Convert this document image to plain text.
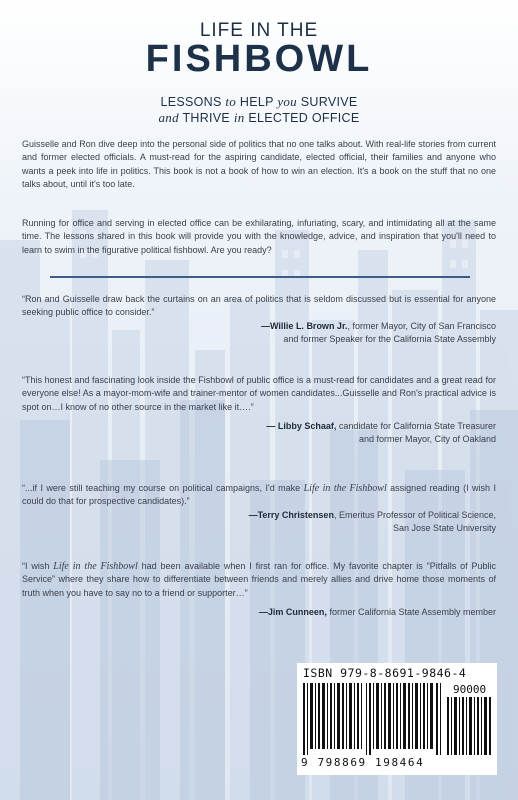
LIFE IN THE
FISHBOWL
LESSONS to HELP you SURVIVE
and THRIVE in ELECTED OFFICE
Guisselle and Ron dive deep into the personal side of politics that no one talks about. With real-life stories from current and former elected officials. A must-read for the aspiring candidate, elected official, their families and anyone who wants a peek into life in politics. This book is not a book of how to win an election. It's a book on the stuff that no one talks about, until it's too late.
Running for office and serving in elected office can be exhilarating, infuriating, scary, and intimidating all at the same time. The lessons shared in this book will provide you with the knowledge, advice, and inspiration that you'll need to learn to swim in the figurative political fishbowl. Are you ready?
“Ron and Guisselle draw back the curtains on an area of politics that is seldom discussed but is essential for anyone seeking public office to consider.”
—Willie L. Brown Jr., former Mayor, City of San Francisco
and former Speaker for the California State Assembly
“This honest and fascinating look inside the Fishbowl of public office is a must-read for candidates and a great read for everyone else! As a mayor-mom-wife and trainer-mentor of women candidates...Guisselle and Ron's practical advice is spot on…I know of no other source in the market like it….”
— Libby Schaaf, candidate for California State Treasurer
and former Mayor, City of Oakland
“...if I were still teaching my course on political campaigns, I'd make Life in the Fishbowl assigned reading (I wish I could do that for prospective candidates).”
—Terry Christensen, Emeritus Professor of Political Science,
San Jose State University
“I wish Life in the Fishbowl had been available when I first ran for office. My favorite chapter is “Pitfalls of Public Service” where they share how to differentiate between friends and merely allies and drive home those moments of truth when you have to say no to a friend or supporter…”
—Jim Cunneen, former California State Assembly member
ISBN 979-8-8691-9846-4
90000
9 798869 198464
